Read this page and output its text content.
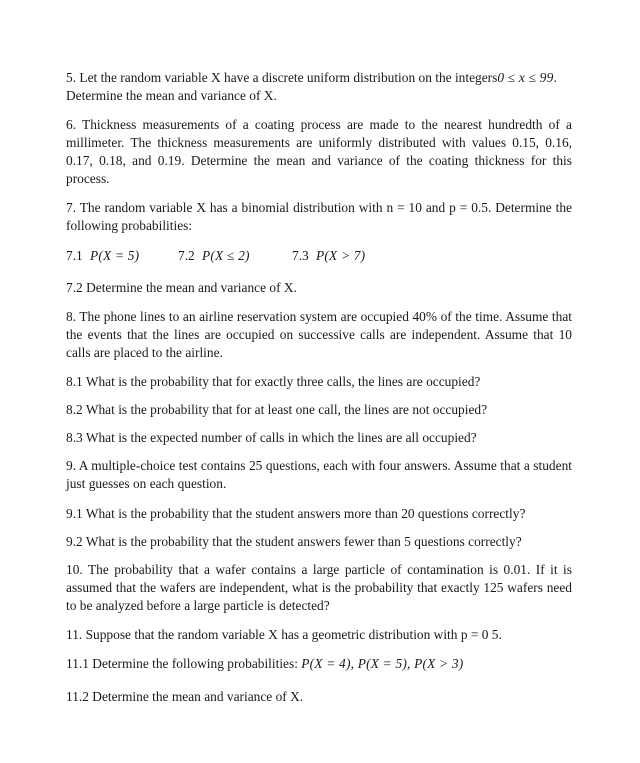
5. Let the random variable X have a discrete uniform distribution on the integers0 ≤ x ≤ 99.
Determine the mean and variance of X.

6. Thickness measurements of a coating process are made to the nearest hundredth of a millimeter. The thickness measurements are uniformly distributed with values 0.15, 0.16, 0.17, 0.18, and 0.19. Determine the mean and variance of the coating thickness for this process.

7. The random variable X has a binomial distribution with n = 10 and p = 0.5. Determine the following probabilities:

7.1 P(X = 5)	7.2 P(X ≤ 2)	7.3 P(X > 7)

7.2 Determine the mean and variance of X.

8. The phone lines to an airline reservation system are occupied 40% of the time. Assume that the events that the lines are occupied on successive calls are independent. Assume that 10 calls are placed to the airline.

8.1 What is the probability that for exactly three calls, the lines are occupied?

8.2 What is the probability that for at least one call, the lines are not occupied?

8.3 What is the expected number of calls in which the lines are all occupied?

9. A multiple-choice test contains 25 questions, each with four answers. Assume that a student just guesses on each question.

9.1 What is the probability that the student answers more than 20 questions correctly?

9.2 What is the probability that the student answers fewer than 5 questions correctly?

10. The probability that a wafer contains a large particle of contamination is 0.01. If it is assumed that the wafers are independent, what is the probability that exactly 125 wafers need to be analyzed before a large particle is detected?

11. Suppose that the random variable X has a geometric distribution with p = 0 5.

11.1 Determine the following probabilities: P(X = 4), P(X = 5), P(X > 3)

11.2 Determine the mean and variance of X.
